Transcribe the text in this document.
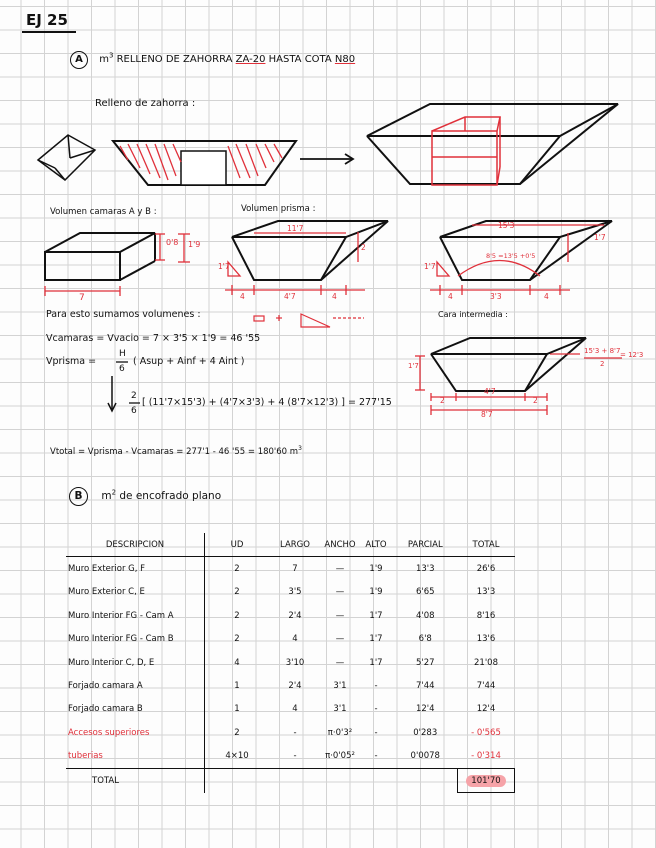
EJ 25
A $m^3$ RELLENO DE ZAHORRA ZA-20 HASTA COTA N80
Relleno de zahorra :
Volumen camaras A y B :	Volumen prisma :
0'8 1'9
7
11'7
2
1'7
4	4'7	4
15'3
1'7
8'5 =13'5 +0'5
1'7
4	3'3	4
Para esto sumamos volumenes :	Cara intermedia :
Vcamaras = Vvacio = 7 × 3'5 × 1'9 = 46 '55
Vprisma =
H
6
( Asup + Ainf + 4 Aint )
2
6
[ (11'7×15'3) + (4'7×3'3) + 4 (8'7×12'3) ] = 277'15
1'7
2
4'7
2
8'7
15'3 + 8'7
2
= 12'3
Vtotal = Vprisma - Vcamaras = 277'1 - 46 '55 = 180'60 $m^3$
B $m^2$ de encofrado plano
DESCRIPCION	UD	LARGO	ANCHO	ALTO	PARCIAL	TOTAL
Muro Exterior G, F	2	7	—	1'9	13'3	26'6
Muro Exterior C, E	2	3'5	—	1'9	6'65	13'3
Muro Interior FG - Cam A	2	2'4	—	1'7	4'08	8'16
Muro Interior FG - Cam B	2	4	—	1'7	6'8	13'6
Muro Interior C, D, E	4	3'10	—	1'7	5'27	21'08
Forjado camara A	1	2'4	3'1	-	7'44	7'44
Forjado camara B	1	4	3'1	-	12'4	12'4
Accesos superiores	2	-	π·0'3²	-	0'283	- 0'565
tuberias	4×10	-	π·0'05²	-	0'0078	- 0'314
TOTAL						101'70
